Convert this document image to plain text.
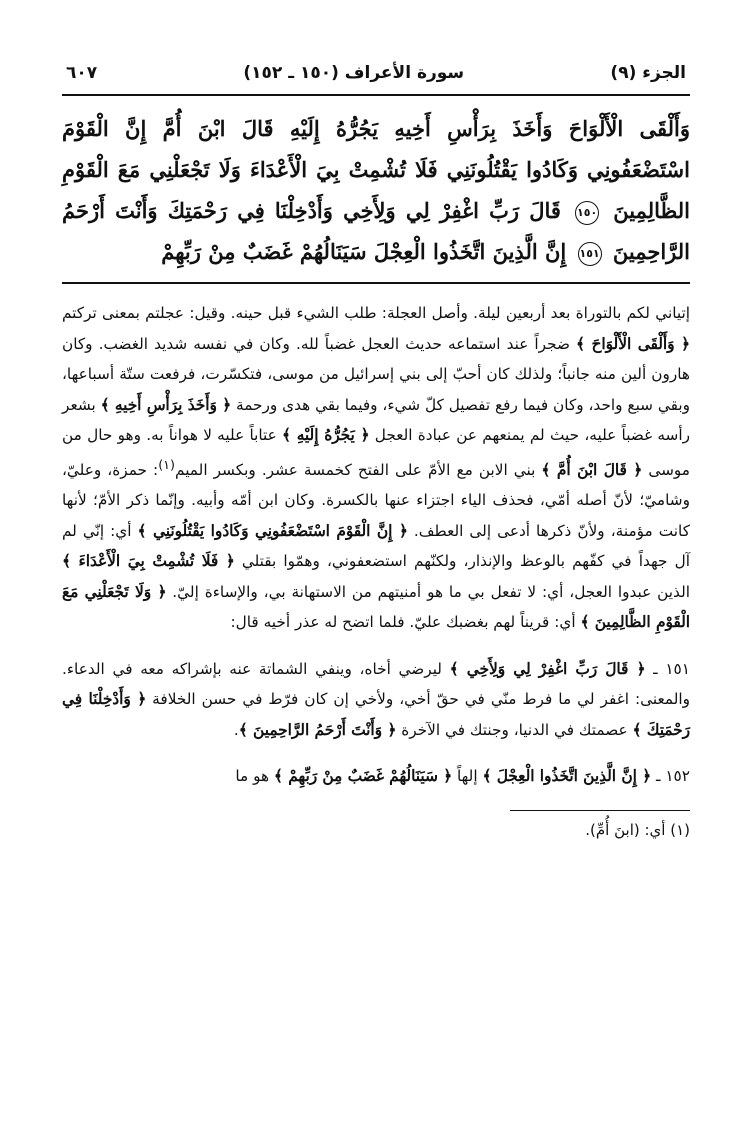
الجزء (٩)
سورة الأعراف (١٥٠ ـ ١٥٢)
٦٠٧
وَأَلْقَى الْأَلْوَاحَ وَأَخَذَ بِرَأْسِ أَخِيهِ يَجُرُّهُ إِلَيْهِ قَالَ ابْنَ أُمَّ إِنَّ الْقَوْمَ اسْتَضْعَفُونِي وَكَادُوا يَقْتُلُونَنِي فَلَا تُشْمِتْ بِيَ الْأَعْدَاءَ وَلَا تَجْعَلْنِي مَعَ الْقَوْمِ الظَّالِمِينَ ١٥٠ قَالَ رَبِّ اغْفِرْ لِي وَلِأَخِي وَأَدْخِلْنَا فِي رَحْمَتِكَ وَأَنْتَ أَرْحَمُ الرَّاحِمِينَ ١٥١ إِنَّ الَّذِينَ اتَّخَذُوا الْعِجْلَ سَيَنَالُهُمْ غَضَبٌ مِنْ رَبِّهِمْ

إتياني لكم بالتوراة بعد أربعين ليلة. وأصل العجلة: طلب الشيء قبل حينه. وقيل: عجلتم بمعنى تركتم ﴿ وَأَلْقَى الْأَلْوَاحَ ﴾ ضجراً عند استماعه حديث العجل غضباً لله. وكان في نفسه شديد الغضب. وكان هارون ألين منه جانباً؛ ولذلك كان أحبّ إلى بني إسرائيل من موسى، فتكسّرت، فرفعت ستّة أسباعها، وبقي سبع واحد، وكان فيما رفع تفصيل كلّ شيء، وفيما بقي هدى ورحمة ﴿ وَأَخَذَ بِرَأْسِ أَخِيهِ ﴾ بشعر رأسه غضباً عليه، حيث لم يمنعهم عن عبادة العجل ﴿ يَجُرُّهُ إِلَيْهِ ﴾ عتاباً عليه لا هواناً به. وهو حال من موسى ﴿ قَالَ ابْنَ أُمَّ ﴾ بني الابن مع الأمّ على الفتح كخمسة عشر. وبكسر الميم$^{(١)}$: حمزة، وعليّ، وشاميّ؛ لأنّ أصله أمّي، فحذف الياء اجتزاء عنها بالكسرة. وكان ابن أمّه وأبيه. وإنّما ذكر الأمّ؛ لأنها كانت مؤمنة، ولأنّ ذكرها أدعى إلى العطف. ﴿ إِنَّ الْقَوْمَ اسْتَضْعَفُونِي وَكَادُوا يَقْتُلُونَنِي ﴾ أي: إنّي لم آل جهداً في كفّهم بالوعظ والإنذار، ولكنّهم استضعفوني، وهمّوا بقتلي ﴿ فَلَا تُشْمِتْ بِيَ الْأَعْدَاءَ ﴾ الذين عبدوا العجل، أي: لا تفعل بي ما هو أمنيتهم من الاستهانة بي، والإساءة إليّ. ﴿ وَلَا تَجْعَلْنِي مَعَ الْقَوْمِ الظَّالِمِينَ ﴾ أي: قريناً لهم بغضبك عليّ. فلما اتضح له عذر أخيه قال:

١٥١ ـ ﴿ قَالَ رَبِّ اغْفِرْ لِي وَلِأَخِي ﴾ ليرضي أخاه، وينفي الشماتة عنه بإشراكه معه في الدعاء. والمعنى: اغفر لي ما فرط منّي في حقّ أخي، ولأخي إن كان فرّط في حسن الخلافة ﴿ وَأَدْخِلْنَا فِي رَحْمَتِكَ ﴾ عصمتك في الدنيا، وجنتك في الآخرة ﴿ وَأَنْتَ أَرْحَمُ الرَّاحِمِينَ ﴾.

١٥٢ ـ ﴿ إِنَّ الَّذِينَ اتَّخَذُوا الْعِجْلَ ﴾ إلهاً ﴿ سَيَنَالُهُمْ غَضَبٌ مِنْ رَبِّهِمْ ﴾ هو ما

(١) أي: (ابنَ أُمِّ).
